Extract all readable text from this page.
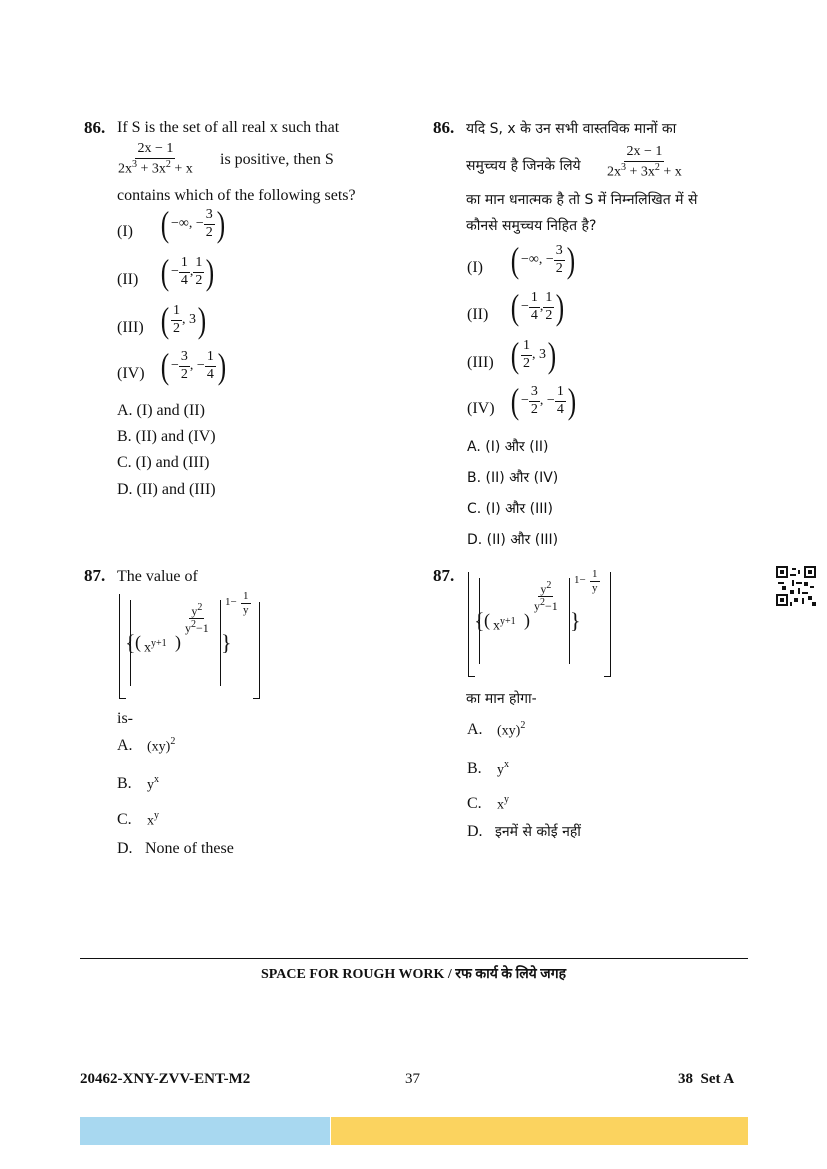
86. If S is the set of all real x such that
$\frac{2x - 1}{2x^3 + 3x^2 + x}$ is positive, then S
contains which of the following sets?
(I) ( −∞, − $\frac{3}{2}$ )
(II) ( − $\frac{1}{4}$ , $\frac{1}{2}$ )
(III) ( $\frac{1}{2}$ , 3 )
(IV) ( − $\frac{3}{2}$ , − $\frac{1}{4}$ )
A. (I) and (II)
B. (II) and (IV)
C. (I) and (III)
D. (II) and (III)
86. यदि S, x के उन सभी वास्तविक मानों का
समुच्चय है जिनके लिये $\frac{2x - 1}{2x^3 + 3x^2 + x}$
का मान धनात्मक है तो S में निम्नलिखित में से
कौनसे समुच्चय निहित है?
(I) ( −∞, − $\frac{3}{2}$ )
(II) ( − $\frac{1}{4}$ , $\frac{1}{2}$ )
(III) ( $\frac{1}{2}$ , 3 )
(IV) ( − $\frac{3}{2}$ , − $\frac{1}{4}$ )
A. (I) और (II)
B. (II) और (IV)
C. (I) और (III)
D. (II) और (III)
87. The value of
{ ( $x^{y+1}$ )
$\frac{y^2}{y^2-1}$
}
$1- \frac{1}{y}$
is-
A. (xy)$^2$
B. $y^x$
C. $x^y$
D. None of these
87.
{ ( $x^{y+1}$ )
$\frac{y^2}{y^2-1}$
}
$1- \frac{1}{y}$
का मान होगा-
A. (xy)$^2$
B. $y^x$
C. $x^y$
D. इनमें से कोई नहीं
SPACE FOR ROUGH WORK / रफ कार्य के लिये जगह
20462-XNY-ZVV-ENT-M2	37	38 Set A
